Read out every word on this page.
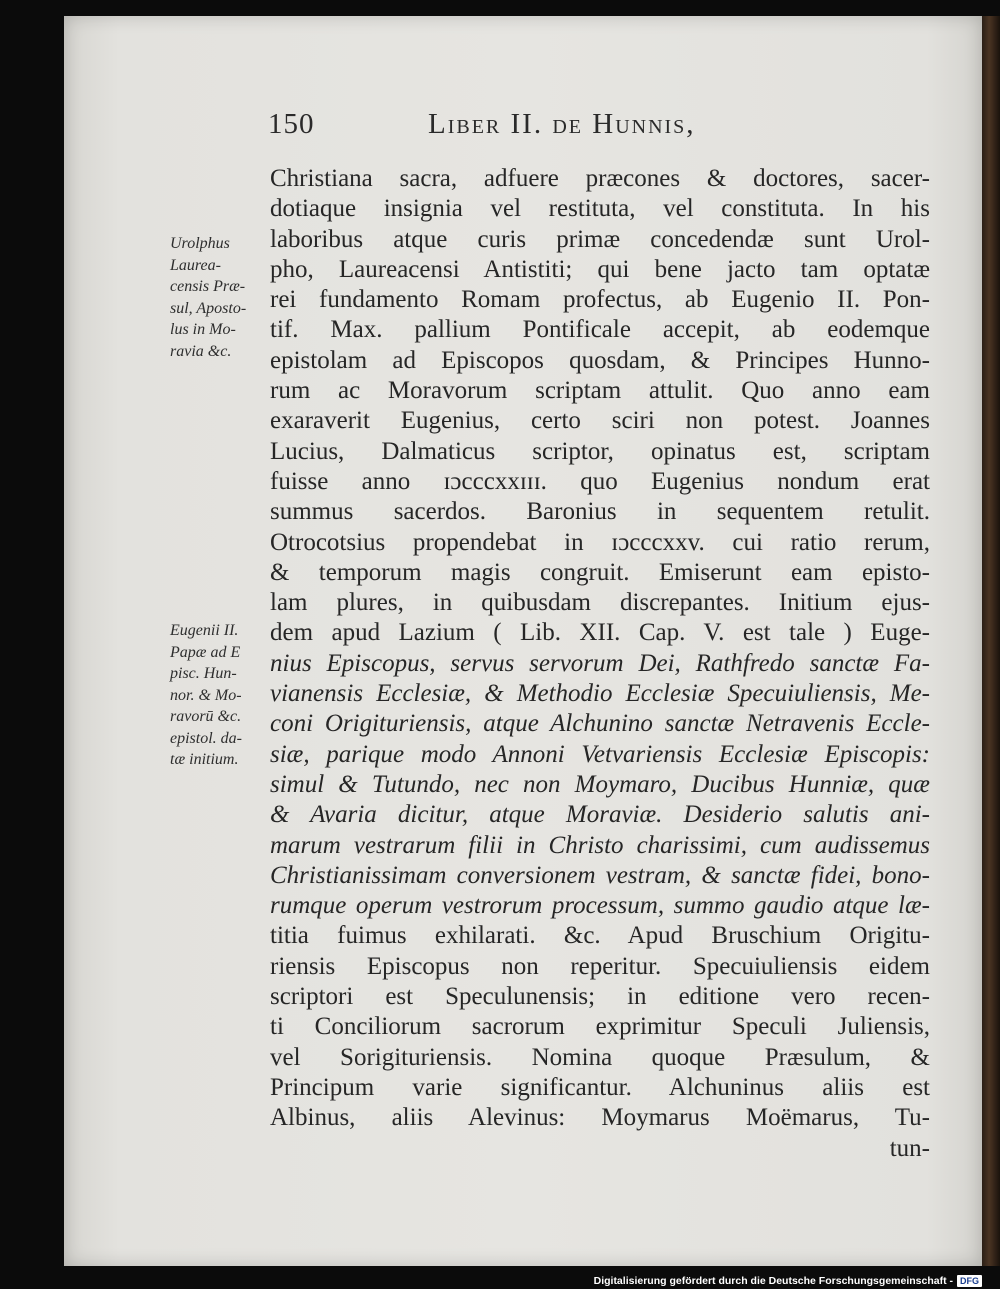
150	Liber II. de Hunnis,
Urolphus
Laurea-
censis Præ-
sul, Aposto-
lus in Mo-
ravia &c.
Eugenii II.
Papæ ad E
pisc. Hun-
nor. & Mo-
ravorū &c.
epistol. da-
tæ initium.
Christiana sacra, adfuere præcones & doctores, sacer-
dotiaque insignia vel restituta, vel constituta. In his
laboribus atque curis primæ concedendæ sunt Urol-
pho, Laureacensi Antistiti; qui bene jacto tam optatæ
rei fundamento Romam profectus, ab Eugenio II. Pon-
tif. Max. pallium Pontificale accepit, ab eodemque
epistolam ad Episcopos quosdam, & Principes Hunno-
rum ac Moravorum scriptam attulit. Quo anno eam
exaraverit Eugenius, certo sciri non potest. Joannes
Lucius, Dalmaticus scriptor, opinatus est, scriptam
fuisse anno ɪɔcccxxɪɪɪ. quo Eugenius nondum erat
summus sacerdos. Baronius in sequentem retulit.
Otrocotsius propendebat in ɪɔcccxxv. cui ratio rerum,
& temporum magis congruit. Emiserunt eam episto-
lam plures, in quibusdam discrepantes. Initium ejus-
dem apud Lazium ( Lib. XII. Cap. V. est tale ) Euge-
nius Episcopus, servus servorum Dei, Rathfredo sanctæ Fa-
vianensis Ecclesiæ, & Methodio Ecclesiæ Specuiuliensis, Me-
coni Origituriensis, atque Alchunino sanctæ Netravenis Eccle-
siæ, parique modo Annoni Vetvariensis Ecclesiæ Episcopis:
simul & Tutundo, nec non Moymaro, Ducibus Hunniæ, quæ
& Avaria dicitur, atque Moraviæ. Desiderio salutis ani-
marum vestrarum filii in Christo charissimi, cum audissemus
Christianissimam conversionem vestram, & sanctæ fidei, bono-
rumque operum vestrorum processum, summo gaudio atque læ-
titia fuimus exhilarati. &c. Apud Bruschium Origitu-
riensis Episcopus non reperitur. Specuiuliensis eidem
scriptori est Speculunensis; in editione vero recen-
ti Conciliorum sacrorum exprimitur Speculi Juliensis,
vel Sorigituriensis. Nomina quoque Præsulum, &
Principum varie significantur. Alchuninus aliis est
Albinus, aliis Alevinus: Moymarus Moëmarus, Tu-
tun-
Digitalisierung gefördert durch die Deutsche Forschungsgemeinschaft - DFG
